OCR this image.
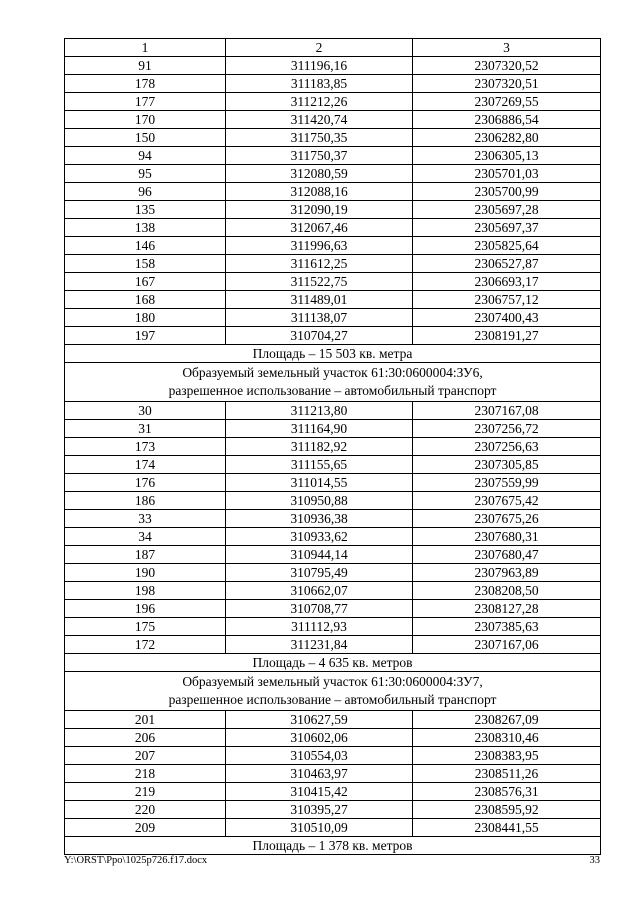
1	2	3
91	311196,16	2307320,52
178	311183,85	2307320,51
177	311212,26	2307269,55
170	311420,74	2306886,54
150	311750,35	2306282,80
94	311750,37	2306305,13
95	312080,59	2305701,03
96	312088,16	2305700,99
135	312090,19	2305697,28
138	312067,46	2305697,37
146	311996,63	2305825,64
158	311612,25	2306527,87
167	311522,75	2306693,17
168	311489,01	2306757,12
180	311138,07	2307400,43
197	310704,27	2308191,27
Площадь – 15 503 кв. метра		

Образуемый земельный участок 61:30:0600004:ЗУ6,
разрешенное использование – автомобильный транспорт		

30	311213,80	2307167,08
31	311164,90	2307256,72
173	311182,92	2307256,63
174	311155,65	2307305,85
176	311014,55	2307559,99
186	310950,88	2307675,42
33	310936,38	2307675,26
34	310933,62	2307680,31
187	310944,14	2307680,47
190	310795,49	2307963,89
198	310662,07	2308208,50
196	310708,77	2308127,28
175	311112,93	2307385,63
172	311231,84	2307167,06
Площадь – 4 635 кв. метров		

Образуемый земельный участок 61:30:0600004:ЗУ7,
разрешенное использование – автомобильный транспорт		

201	310627,59	2308267,09
206	310602,06	2308310,46
207	310554,03	2308383,95
218	310463,97	2308511,26
219	310415,42	2308576,31
220	310395,27	2308595,92
209	310510,09	2308441,55
Площадь – 1 378 кв. метров		
Y:\ORST\Ppo\1025p726.f17.docx	33
